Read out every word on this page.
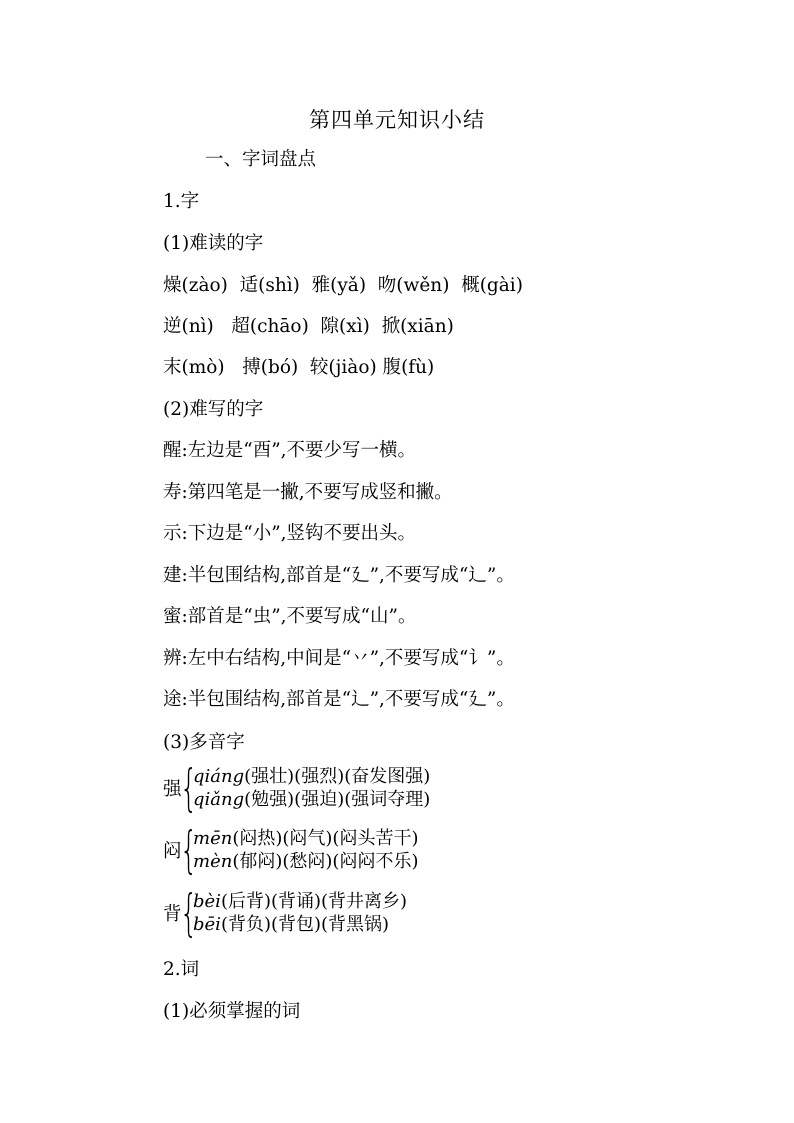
第四单元知识小结
一、字词盘点
1.字
(1)难读的字
燥(zào)  适(shì)  雅(yǎ)  吻(wěn)  概(gài)
逆(nì)   超(chāo)  隙(xì)  掀(xiān)
末(mò)   搏(bó)  较(jiào) 腹(fù)
(2)难写的字
醒:左边是“酉”,不要少写一横。
寿:第四笔是一撇,不要写成竖和撇。
示:下边是“小”,竖钩不要出头。
建:半包围结构,部首是“廴”,不要写成“辶”。
蜜:部首是“虫”,不要写成“山”。
辨:左中右结构,中间是“丷”,不要写成“讠”。
途:半包围结构,部首是“辶”,不要写成“廴”。
(3)多音字
强
{
qiáng(强壮)(强烈)(奋发图强)
qiǎng(勉强)(强迫)(强词夺理)
闷
{
mēn(闷热)(闷气)(闷头苦干)
mèn(郁闷)(愁闷)(闷闷不乐)
背
{
bèi(后背)(背诵)(背井离乡)
bēi(背负)(背包)(背黑锅)
2.词
(1)必须掌握的词
